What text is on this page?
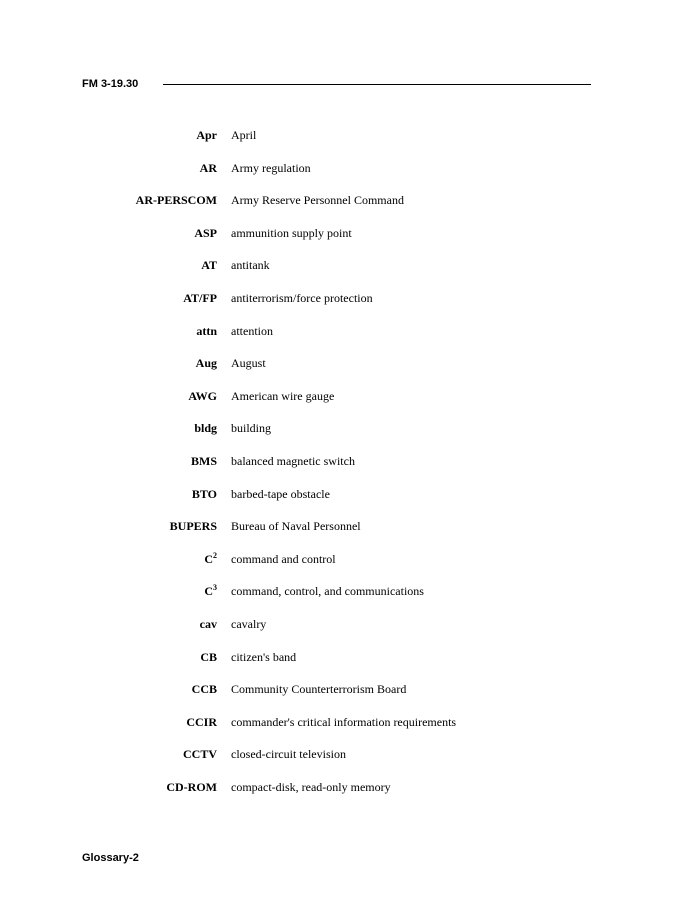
FM 3-19.30
Apr April
AR Army regulation
AR-PERSCOM Army Reserve Personnel Command
ASP ammunition supply point
AT antitank
AT/FP antiterrorism/force protection
attn attention
Aug August
AWG American wire gauge
bldg building
BMS balanced magnetic switch
BTO barbed-tape obstacle
BUPERS Bureau of Naval Personnel
$C^2$ command and control
$C^3$ command, control, and communications
cav cavalry
CB citizen's band
CCB Community Counterterrorism Board
CCIR commander's critical information requirements
CCTV closed-circuit television
CD-ROM compact-disk, read-only memory
Glossary-2
